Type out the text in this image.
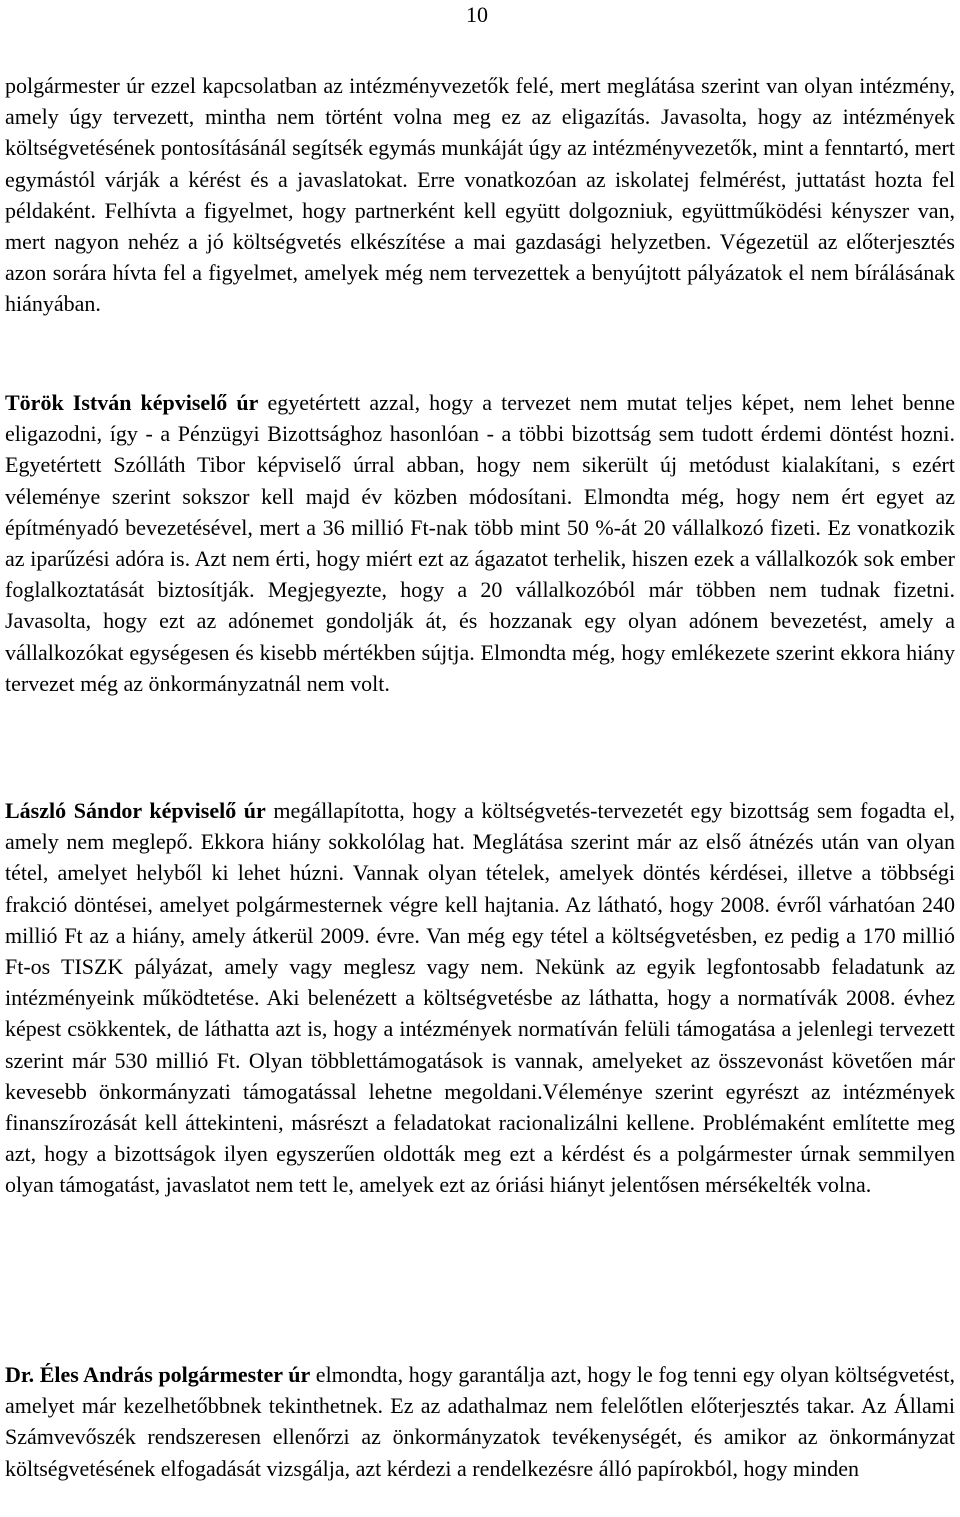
10

polgármester úr ezzel kapcsolatban az intézményvezetők felé, mert meglátása szerint van olyan intézmény, amely úgy tervezett, mintha nem történt volna meg ez az eligazítás. Javasolta, hogy az intézmények költségvetésének pontosításánál segítsék egymás munkáját úgy az intézményvezetők, mint a fenntartó, mert egymástól várják a kérést és a javaslatokat. Erre vonatkozóan az iskolatej felmérést, juttatást hozta fel példaként. Felhívta a figyelmet, hogy partnerként kell együtt dolgozniuk, együttműködési kényszer van, mert nagyon nehéz a jó költségvetés elkészítése a mai gazdasági helyzetben. Végezetül az előterjesztés azon sorára hívta fel a figyelmet, amelyek még nem tervezettek a benyújtott pályázatok el nem bírálásának hiányában.

Török István képviselő úr egyetértett azzal, hogy a tervezet nem mutat teljes képet, nem lehet benne eligazodni, így - a Pénzügyi Bizottsághoz hasonlóan - a többi bizottság sem tudott érdemi döntést hozni. Egyetértett Szólláth Tibor képviselő úrral abban, hogy nem sikerült új metódust kialakítani, s ezért véleménye szerint sokszor kell majd év közben módosítani. Elmondta még, hogy nem ért egyet az építményadó bevezetésével, mert a 36 millió Ft-nak több mint 50 %-át 20 vállalkozó fizeti. Ez vonatkozik az iparűzési adóra is. Azt nem érti, hogy miért ezt az ágazatot terhelik, hiszen ezek a vállalkozók sok ember foglalkoztatását biztosítják. Megjegyezte, hogy a 20 vállalkozóból már többen nem tudnak fizetni. Javasolta, hogy ezt az adónemet gondolják át, és hozzanak egy olyan adónem bevezetést, amely a vállalkozókat egységesen és kisebb mértékben sújtja. Elmondta még, hogy emlékezete szerint ekkora hiány tervezet még az önkormányzatnál nem volt.

László Sándor képviselő úr megállapította, hogy a költségvetés-tervezetét egy bizottság sem fogadta el, amely nem meglepő. Ekkora hiány sokkolólag hat. Meglátása szerint már az első átnézés után van olyan tétel, amelyet helyből ki lehet húzni. Vannak olyan tételek, amelyek döntés kérdései, illetve a többségi frakció döntései, amelyet polgármesternek végre kell hajtania. Az látható, hogy 2008. évről várhatóan 240 millió Ft az a hiány, amely átkerül 2009. évre. Van még egy tétel a költségvetésben, ez pedig a 170 millió Ft-os TISZK pályázat, amely vagy meglesz vagy nem. Nekünk az egyik legfontosabb feladatunk az intézményeink működtetése. Aki belenézett a költségvetésbe az láthatta, hogy a normatívák 2008. évhez képest csökkentek, de láthatta azt is, hogy a intézmények normatíván felüli támogatása a jelenlegi tervezett szerint már 530 millió Ft. Olyan többlettámogatások is vannak, amelyeket az összevonást követően már kevesebb önkormányzati támogatással lehetne megoldani.Véleménye szerint egyrészt az intézmények finanszírozását kell áttekinteni, másrészt a feladatokat racionalizálni kellene. Problémaként említette meg azt, hogy a bizottságok ilyen egyszerűen oldották meg ezt a kérdést és a polgármester úrnak semmilyen olyan támogatást, javaslatot nem tett le, amelyek ezt az óriási hiányt jelentősen mérsékelték volna.

Dr. Éles András polgármester úr elmondta, hogy garantálja azt, hogy le fog tenni egy olyan költségvetést, amelyet már kezelhetőbbnek tekinthetnek. Ez az adathalmaz nem felelőtlen előterjesztés takar. Az Állami Számvevőszék rendszeresen ellenőrzi az önkormányzatok tevékenységét, és amikor az önkormányzat költségvetésének elfogadását vizsgálja, azt kérdezi a rendelkezésre álló papírokból, hogy minden
